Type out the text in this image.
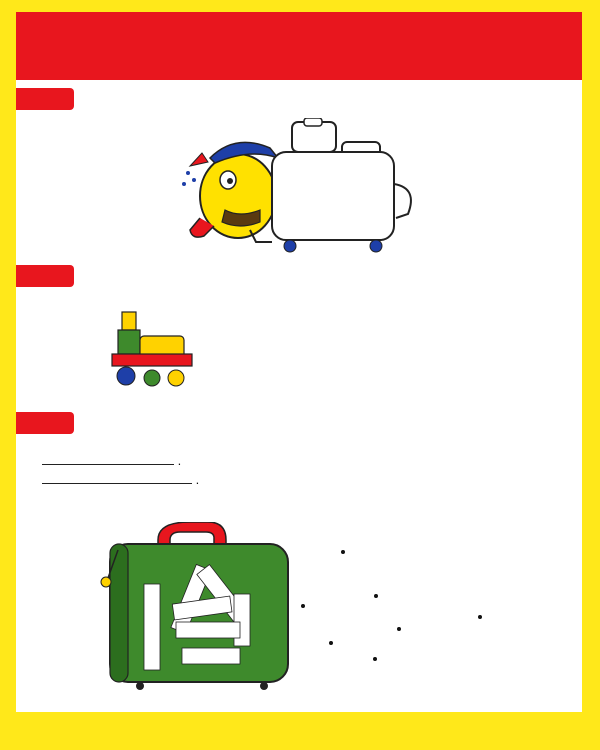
.
.
